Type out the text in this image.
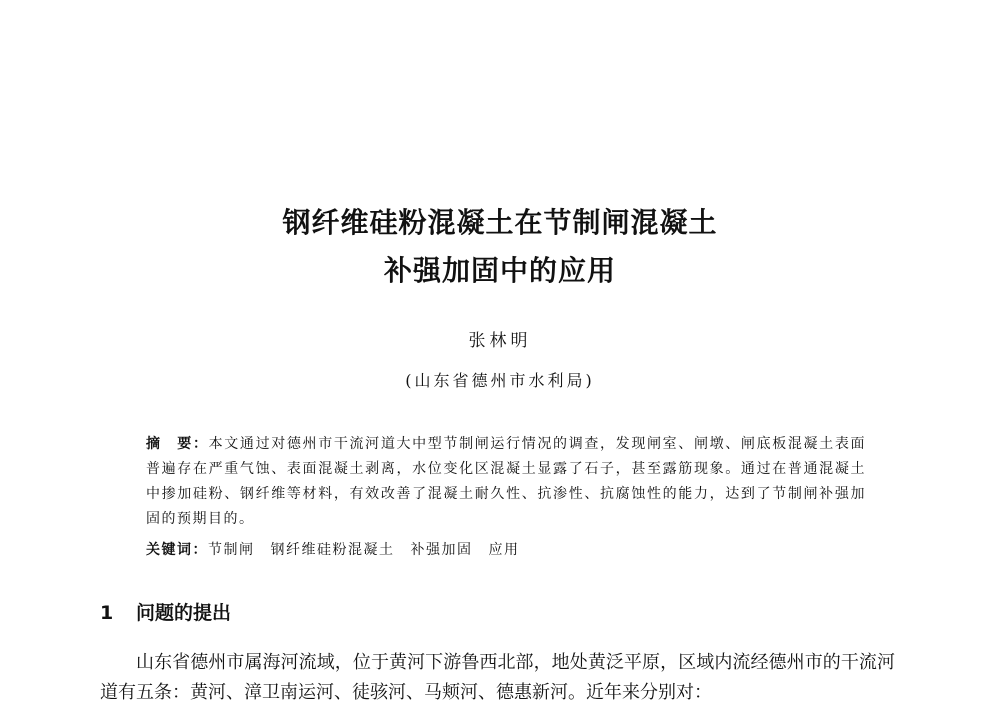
钢纤维硅粉混凝土在节制闸混凝土
补强加固中的应用
张林明
(山东省德州市水利局)
摘　要：本文通过对德州市干流河道大中型节制闸运行情况的调查，发现闸室、闸墩、闸底板混凝土表面普遍存在严重气蚀、表面混凝土剥离，水位变化区混凝土显露了石子，甚至露筋现象。通过在普通混凝土中掺加硅粉、钢纤维等材料，有效改善了混凝土耐久性、抗渗性、抗腐蚀性的能力，达到了节制闸补强加固的预期目的。
关键词：节制闸 钢纤维硅粉混凝土 补强加固 应用
1 问题的提出

山东省德州市属海河流域，位于黄河下游鲁西北部，地处黄泛平原，区域内流经德州市的干流河道有五条：黄河、漳卫南运河、徒骇河、马颊河、德惠新河。近年来分别对：
